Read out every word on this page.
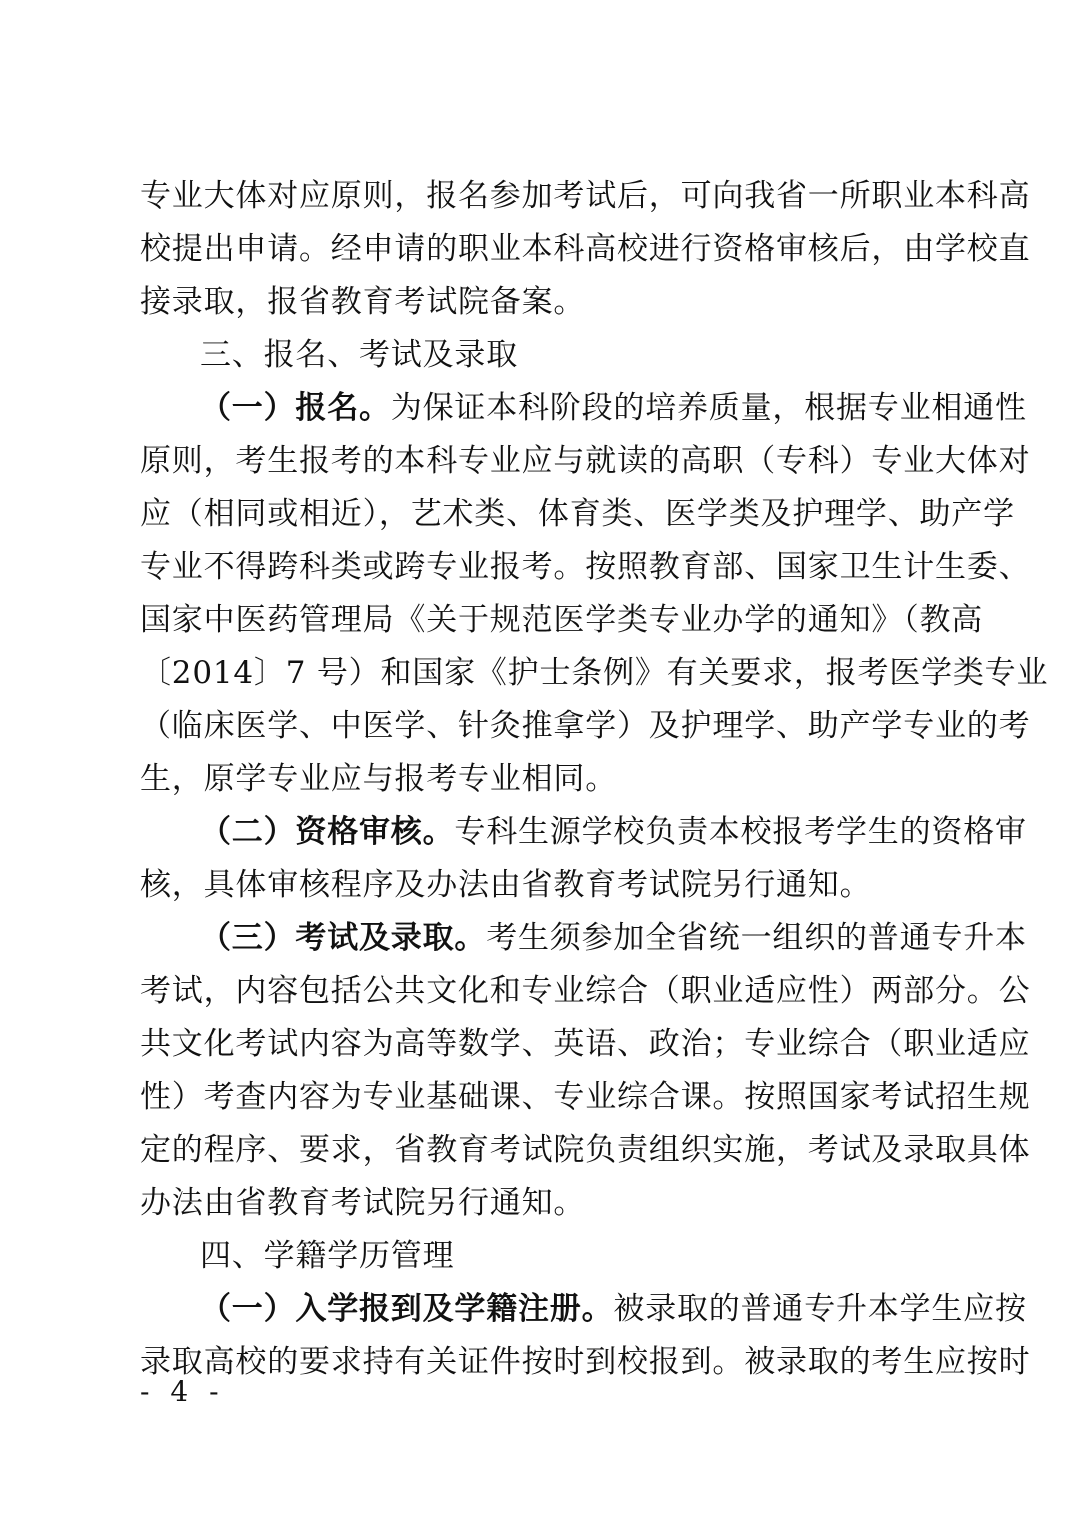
专业大体对应原则，报名参加考试后，可向我省一所职业本科高
校提出申请。经申请的职业本科高校进行资格审核后，由学校直
接录取，报省教育考试院备案。
三、报名、考试及录取
（一）报名。为保证本科阶段的培养质量，根据专业相通性
原则，考生报考的本科专业应与就读的高职（专科）专业大体对
应（相同或相近），艺术类、体育类、医学类及护理学、助产学
专业不得跨科类或跨专业报考。按照教育部、国家卫生计生委、
国家中医药管理局《关于规范医学类专业办学的通知》（教高
〔2014〕7 号）和国家《护士条例》有关要求，报考医学类专业
（临床医学、中医学、针灸推拿学）及护理学、助产学专业的考
生，原学专业应与报考专业相同。
（二）资格审核。专科生源学校负责本校报考学生的资格审
核，具体审核程序及办法由省教育考试院另行通知。
（三）考试及录取。考生须参加全省统一组织的普通专升本
考试，内容包括公共文化和专业综合（职业适应性）两部分。公
共文化考试内容为高等数学、英语、政治；专业综合（职业适应
性）考查内容为专业基础课、专业综合课。按照国家考试招生规
定的程序、要求，省教育考试院负责组织实施，考试及录取具体
办法由省教育考试院另行通知。
四、学籍学历管理
（一）入学报到及学籍注册。被录取的普通专升本学生应按
录取高校的要求持有关证件按时到校报到。被录取的考生应按时
- 4 -
